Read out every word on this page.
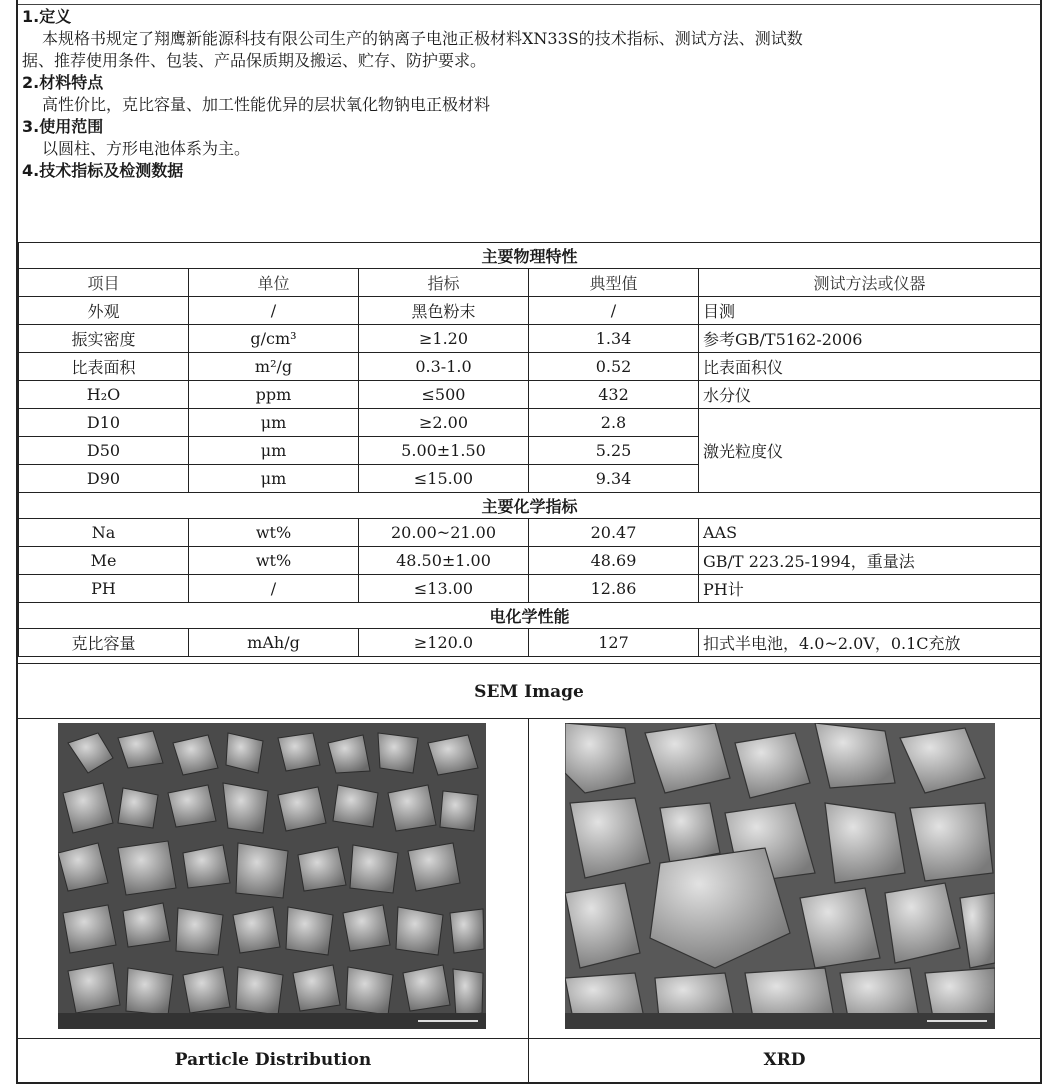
1.定义
本规格书规定了翔鹰新能源科技有限公司生产的钠离子电池正极材料XN33S的技术指标、测试方法、测试数
据、推荐使用条件、包装、产品保质期及搬运、贮存、防护要求。
2.材料特点
高性价比，克比容量、加工性能优异的层状氧化物钠电正极材料
3.使用范围
以圆柱、方形电池体系为主。
4.技术指标及检测数据
主要物理特性				
项目	单位	指标	典型值	测试方法或仪器
外观	/	黑色粉末	/	目测
振实密度	g/cm³	≥1.20	1.34	参考GB/T5162-2006
比表面积	m²/g	0.3-1.0	0.52	比表面积仪
H₂O	ppm	≤500	432	水分仪
D10	μm	≥2.00	2.8	激光粒度仪
D50	μm	5.00±1.50	5.25	
D90	μm	≤15.00	9.34	
主要化学指标				
Na	wt%	20.00~21.00	20.47	AAS
Me	wt%	48.50±1.00	48.69	GB/T 223.25-1994，重量法
PH	/	≤13.00	12.86	PH计
电化学性能				
克比容量	mAh/g	≥120.0	127	扣式半电池，4.0~2.0V，0.1C充放
SEM Image
Particle Distribution	XRD
